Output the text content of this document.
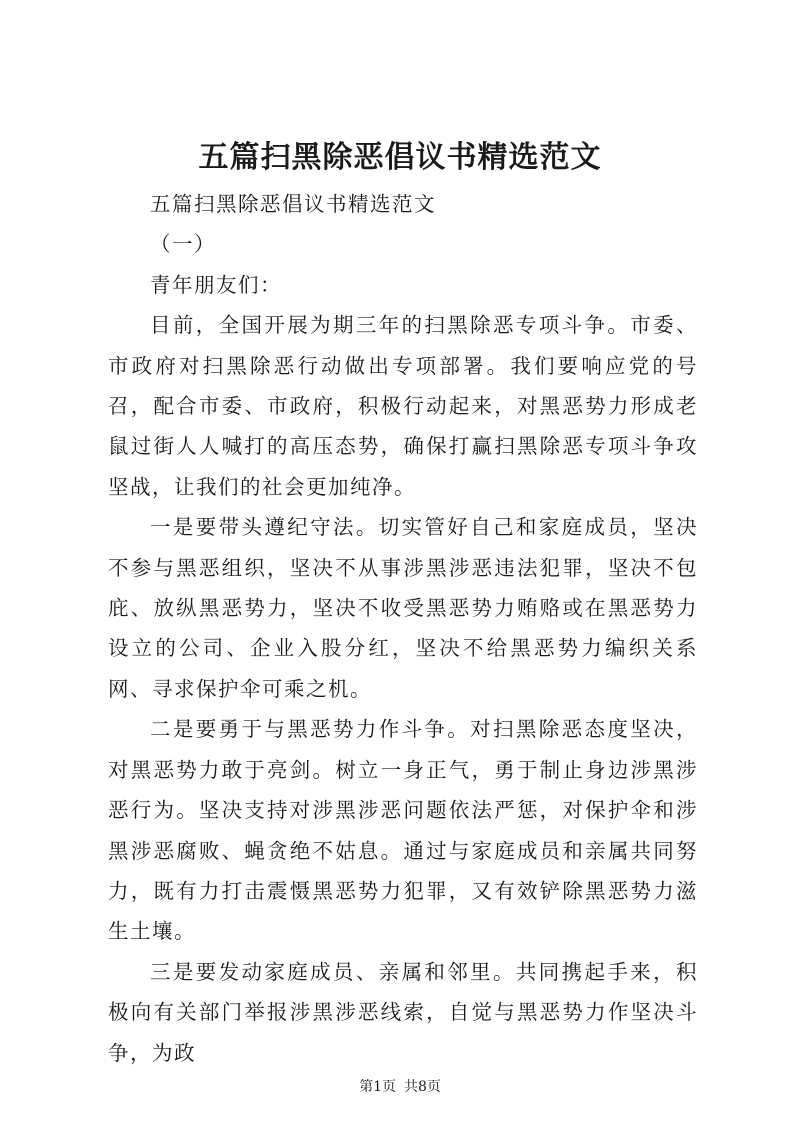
五篇扫黑除恶倡议书精选范文

五篇扫黑除恶倡议书精选范文

（一）

青年朋友们：

目前，全国开展为期三年的扫黑除恶专项斗争。市委、市政府对扫黑除恶行动做出专项部署。我们要响应党的号召，配合市委、市政府，积极行动起来，对黑恶势力形成老鼠过街人人喊打的高压态势，确保打赢扫黑除恶专项斗争攻坚战，让我们的社会更加纯净。

一是要带头遵纪守法。切实管好自己和家庭成员，坚决不参与黑恶组织，坚决不从事涉黑涉恶违法犯罪，坚决不包庇、放纵黑恶势力，坚决不收受黑恶势力贿赂或在黑恶势力设立的公司、企业入股分红，坚决不给黑恶势力编织关系网、寻求保护伞可乘之机。

二是要勇于与黑恶势力作斗争。对扫黑除恶态度坚决，对黑恶势力敢于亮剑。树立一身正气，勇于制止身边涉黑涉恶行为。坚决支持对涉黑涉恶问题依法严惩，对保护伞和涉黑涉恶腐败、蝇贪绝不姑息。通过与家庭成员和亲属共同努力，既有力打击震慑黑恶势力犯罪，又有效铲除黑恶势力滋生土壤。

三是要发动家庭成员、亲属和邻里。共同携起手来，积极向有关部门举报涉黑涉恶线索，自觉与黑恶势力作坚决斗争，为政

第1页 共8页
